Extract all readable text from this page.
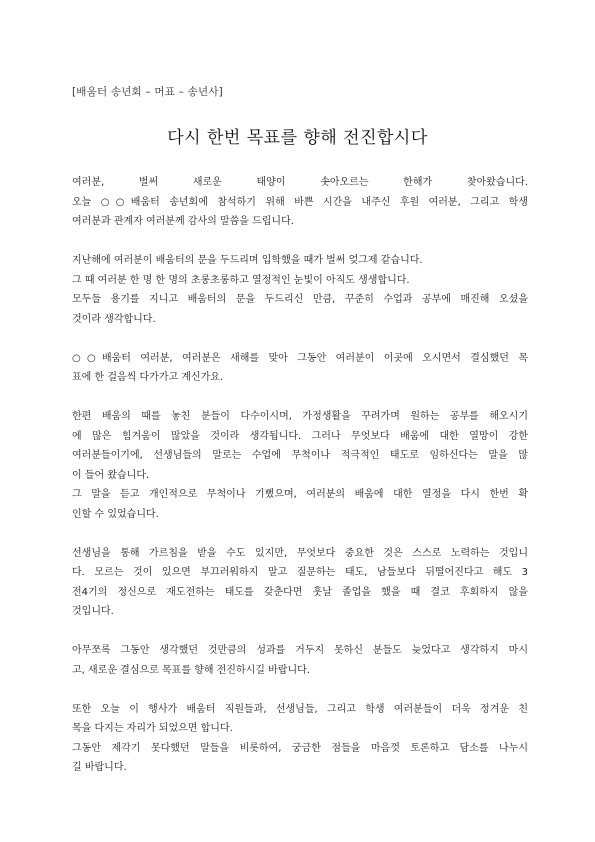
[배움터 송년회 – 머표 – 송년사]
다시 한번 목표를 향해 전진합시다
여러분, 벌써 새로운 태양이 솟아오르는 한해가 찾아왔습니다.
오늘 ○○배움터 송년회에 참석하기 위해 바쁜 시간을 내주신 후원 여러분, 그리고 학생
여러분과 관계자 여러분께 감사의 말씀을 드립니다.
지난해에 여러분이 배움터의 문을 두드리며 입학했을 때가 벌써 엊그제 같습니다.
그 때 여러분 한 명 한 명의 초롱초롱하고 열정적인 눈빛이 아직도 생생합니다.
모두들 용기를 지니고 배움터의 문을 두드리신 만큼, 꾸준히 수업과 공부에 매진해 오셨을
것이라 생각합니다.
○○배움터 여러분, 여러분은 새해를 맞아 그동안 여러분이 이곳에 오시면서 결심했던 목
표에 한 걸음씩 다가가고 계신가요.
한편 배움의 때를 놓친 분들이 다수이시며, 가정생활을 꾸려가며 원하는 공부를 해오시기
에 많은 힘겨움이 많았을 것이라 생각됩니다. 그러나 무엇보다 배움에 대한 열망이 강한
여러분들이기에, 선생님들의 말로는 수업에 무척이나 적극적인 태도로 임하신다는 말을 많
이 들어 왔습니다.
그 말을 듣고 개인적으로 무척이나 기뻤으며, 여러분의 배움에 대한 열정을 다시 한번 확
인할 수 있었습니다.
선생님을 통해 가르침을 받을 수도 있지만, 무엇보다 중요한 것은 스스로 노력하는 것입니
다. 모르는 것이 있으면 부끄러워하지 말고 질문하는 태도, 남들보다 뒤떨어진다고 해도 3
전4기의 정신으로 재도전하는 태도를 갖춘다면 훗날 졸업을 했을 때 결코 후회하지 않을
것입니다.
아무쪼록 그동안 생각했던 것만큼의 성과를 거두지 못하신 분들도 늦었다고 생각하지 마시
고, 새로운 결심으로 목표를 향해 전진하시길 바랍니다.
또한 오늘 이 행사가 배움터 직원들과, 선생님들, 그리고 학생 여러분들이 더욱 정겨운 친
목을 다지는 자리가 되었으면 합니다.
그동안 제각기 못다했던 말들을 비롯하여, 궁금한 점들을 마음껏 토론하고 담소를 나누시
길 바랍니다.
